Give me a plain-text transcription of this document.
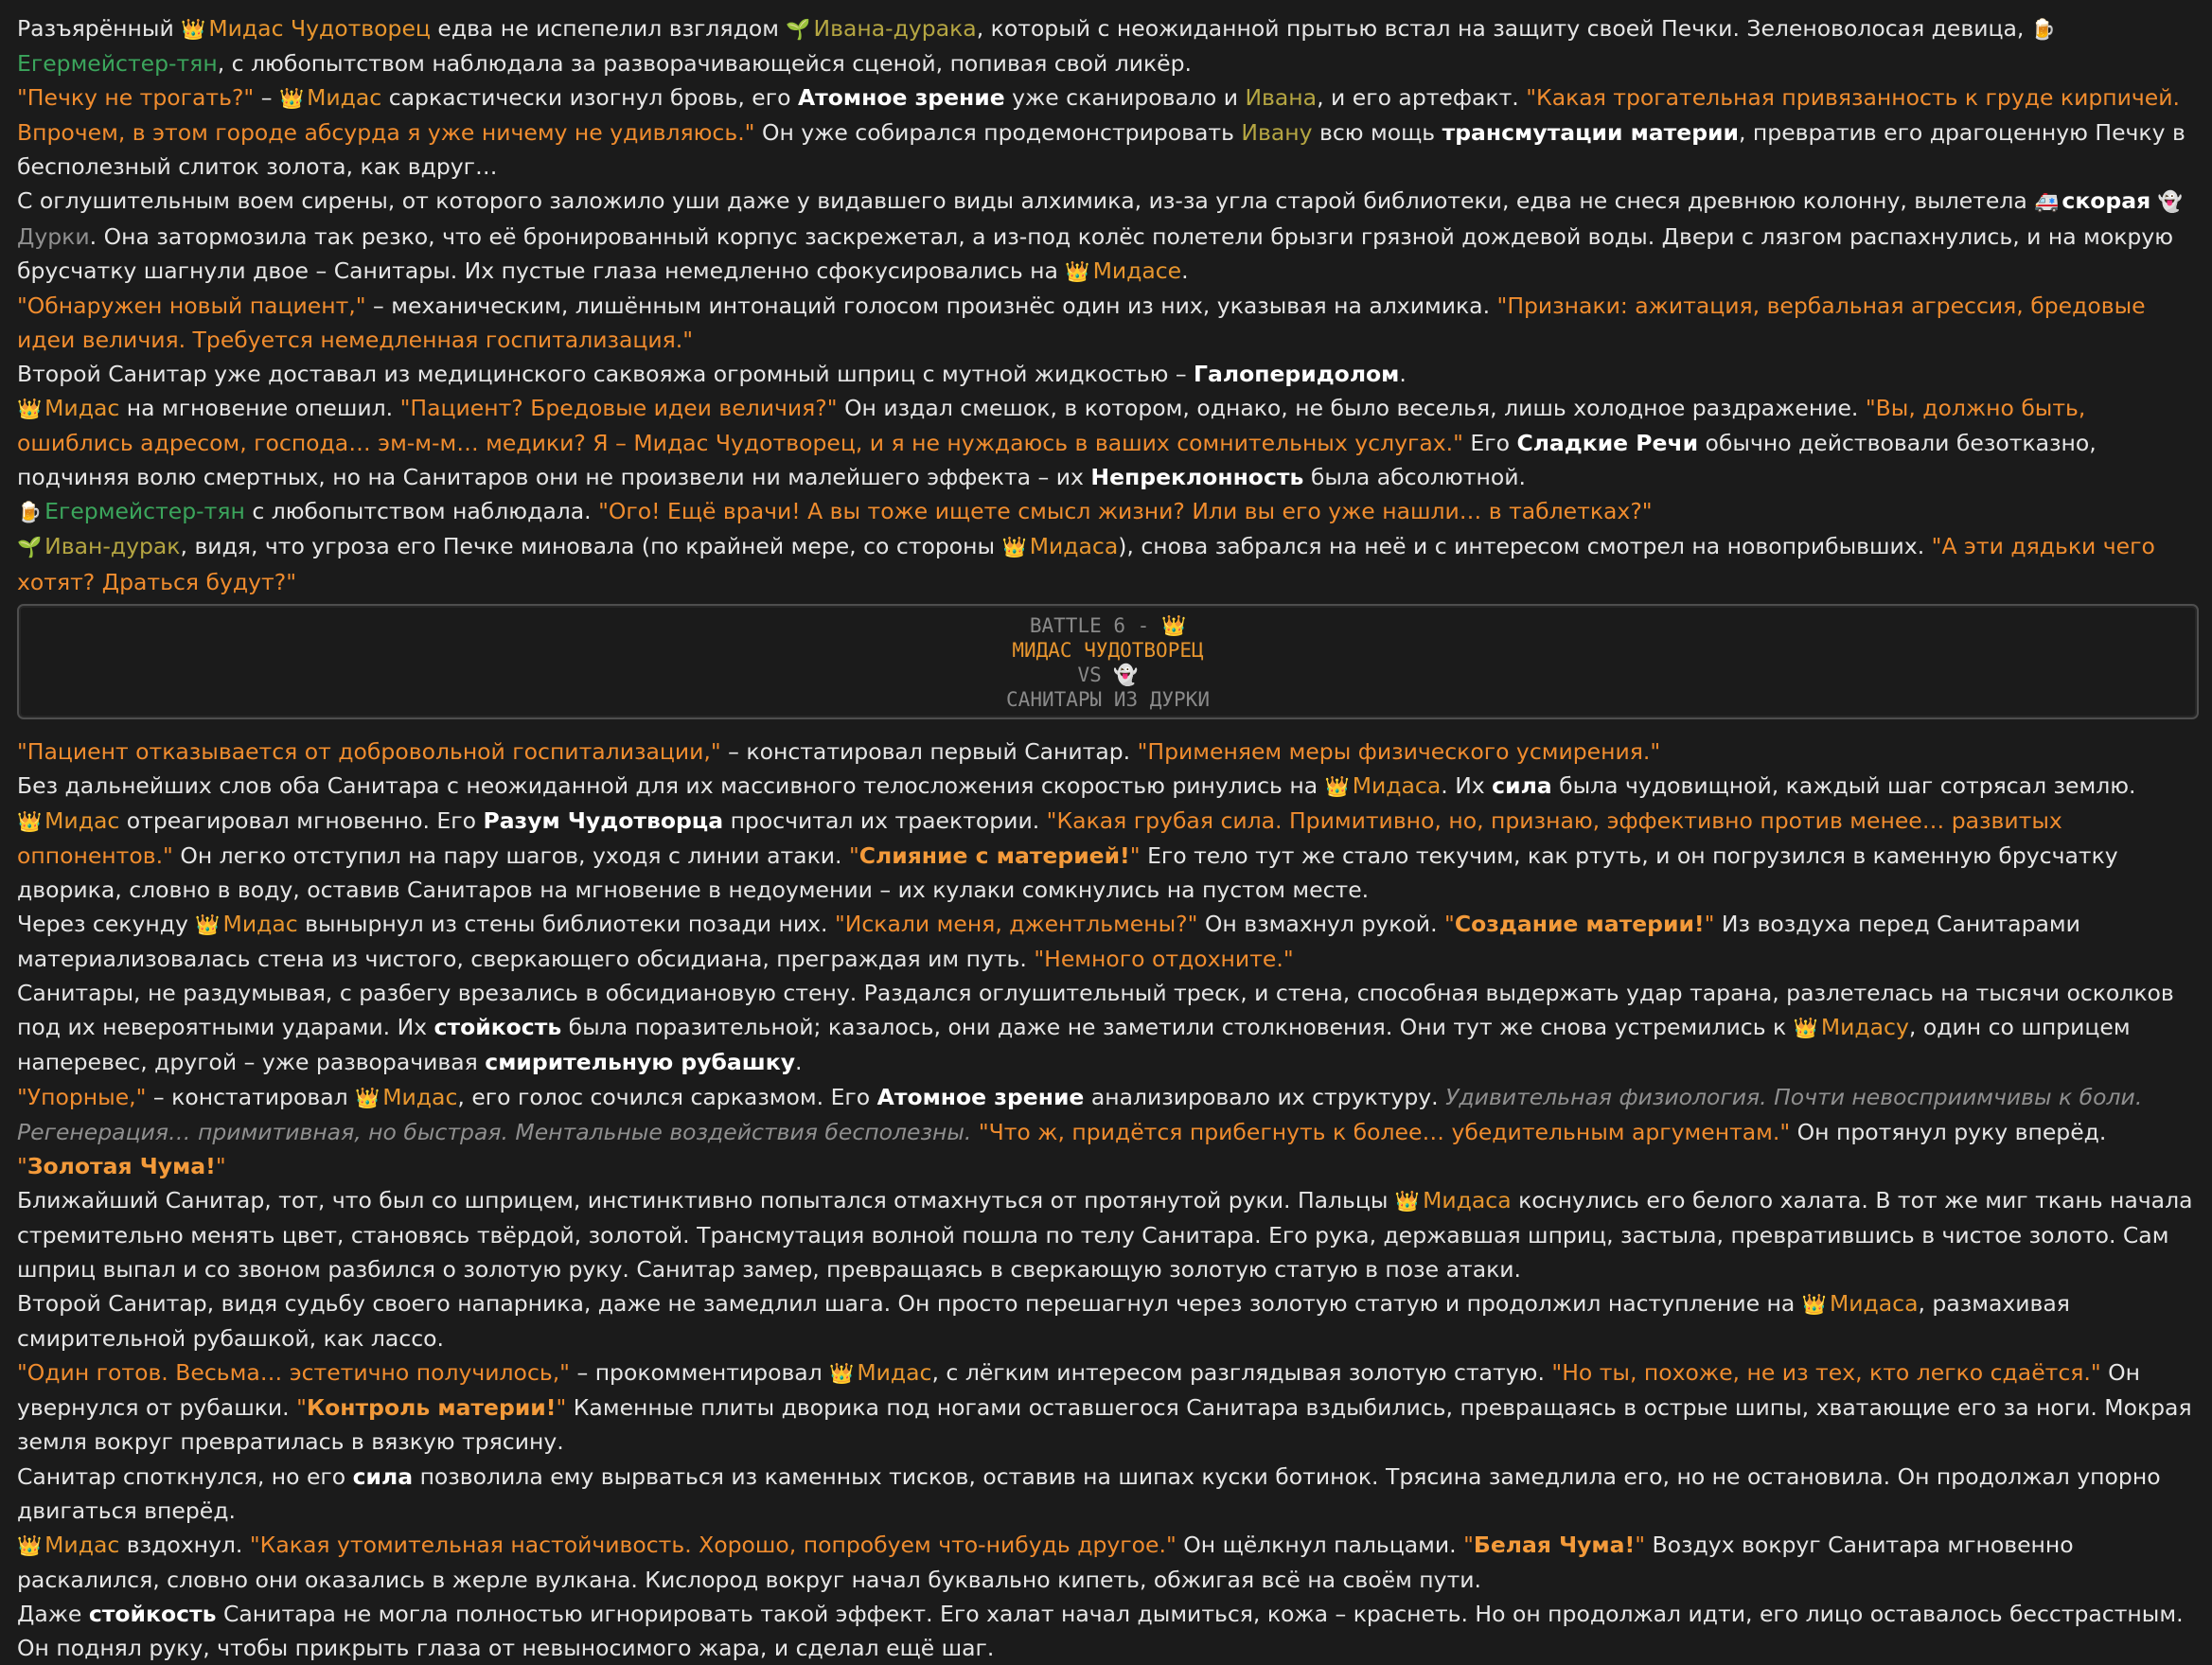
Разъярённый 👑 Мидас Чудотворец едва не испепелил взглядом 🌱 Ивана-дурака, который с неожиданной прытью встал на защиту своей Печки. Зеленоволосая девица, 🍺Егермейстер-тян, с любопытством наблюдала за разворачивающейся сценой, попивая свой ликёр.

"Печку не трогать?" – 👑 Мидас саркастически изогнул бровь, его Атомное зрение уже сканировало и Ивана, и его артефакт. "Какая трогательная привязанность к груде кирпичей. Впрочем, в этом городе абсурда я уже ничему не удивляюсь." Он уже собирался продемонстрировать Ивану всю мощь трансмутации материи, превратив его драгоценную Печку в бесполезный слиток золота, как вдруг…

С оглушительным воем сирены, от которого заложило уши даже у видавшего виды алхимика, из-за угла старой библиотеки, едва не снеся древнюю колонну, вылетела 🚑 скорая 👻Дурки. Она затормозила так резко, что её бронированный корпус заскрежетал, а из-под колёс полетели брызги грязной дождевой воды. Двери с лязгом распахнулись, и на мокрую брусчатку шагнули двое – Санитары. Их пустые глаза немедленно сфокусировались на 👑 Мидасе.

"Обнаружен новый пациент," – механическим, лишённым интонаций голосом произнёс один из них, указывая на алхимика. "Признаки: ажитация, вербальная агрессия, бредовые идеи величия. Требуется немедленная госпитализация."

Второй Санитар уже доставал из медицинского саквояжа огромный шприц с мутной жидкостью – Галоперидолом.

👑 Мидас на мгновение опешил. "Пациент? Бредовые идеи величия?" Он издал смешок, в котором, однако, не было веселья, лишь холодное раздражение. "Вы, должно быть, ошиблись адресом, господа… эм-м-м… медики? Я – Мидас Чудотворец, и я не нуждаюсь в ваших сомнительных услугах." Его Сладкие Речи обычно действовали безотказно, подчиняя волю смертных, но на Санитаров они не произвели ни малейшего эффекта – их Непреклонность была абсолютной.

🍺 Егермейстер-тян с любопытством наблюдала. "Ого! Ещё врачи! А вы тоже ищете смысл жизни? Или вы его уже нашли… в таблетках?"

🌱 Иван-дурак, видя, что угроза его Печке миновала (по крайней мере, со стороны 👑 Мидаса), снова забрался на неё и с интересом смотрел на новоприбывших. "А эти дядьки чего хотят? Драться будут?"

BATTLE 6 - 👑
МИДАС ЧУДОТВОРЕЦ
VS 👻
САНИТАРЫ ИЗ ДУРКИ

"Пациент отказывается от добровольной госпитализации," – констатировал первый Санитар. "Применяем меры физического усмирения."

Без дальнейших слов оба Санитара с неожиданной для их массивного телосложения скоростью ринулись на 👑 Мидаса. Их сила была чудовищной, каждый шаг сотрясал землю.

👑 Мидас отреагировал мгновенно. Его Разум Чудотворца просчитал их траектории. "Какая грубая сила. Примитивно, но, признаю, эффективно против менее… развитых оппонентов." Он легко отступил на пару шагов, уходя с линии атаки. "Слияние с материей!" Его тело тут же стало текучим, как ртуть, и он погрузился в каменную брусчатку дворика, словно в воду, оставив Санитаров на мгновение в недоумении – их кулаки сомкнулись на пустом месте.

Через секунду 👑 Мидас вынырнул из стены библиотеки позади них. "Искали меня, джентльмены?" Он взмахнул рукой. "Создание материи!" Из воздуха перед Санитарами материализовалась стена из чистого, сверкающего обсидиана, преграждая им путь. "Немного отдохните."

Санитары, не раздумывая, с разбегу врезались в обсидиановую стену. Раздался оглушительный треск, и стена, способная выдержать удар тарана, разлетелась на тысячи осколков под их невероятными ударами. Их стойкость была поразительной; казалось, они даже не заметили столкновения. Они тут же снова устремились к 👑 Мидасу, один со шприцем наперевес, другой – уже разворачивая смирительную рубашку.

"Упорные," – констатировал 👑 Мидас, его голос сочился сарказмом. Его Атомное зрение анализировало их структуру. Удивительная физиология. Почти невосприимчивы к боли. Регенерация… примитивная, но быстрая. Ментальные воздействия бесполезны. "Что ж, придётся прибегнуть к более… убедительным аргументам." Он протянул руку вперёд. "Золотая Чума!"

Ближайший Санитар, тот, что был со шприцем, инстинктивно попытался отмахнуться от протянутой руки. Пальцы 👑 Мидаса коснулись его белого халата. В тот же миг ткань начала стремительно менять цвет, становясь твёрдой, золотой. Трансмутация волной пошла по телу Санитара. Его рука, державшая шприц, застыла, превратившись в чистое золото. Сам шприц выпал и со звоном разбился о золотую руку. Санитар замер, превращаясь в сверкающую золотую статую в позе атаки.

Второй Санитар, видя судьбу своего напарника, даже не замедлил шага. Он просто перешагнул через золотую статую и продолжил наступление на 👑 Мидаса, размахивая смирительной рубашкой, как лассо.

"Один готов. Весьма… эстетично получилось," – прокомментировал 👑 Мидас, с лёгким интересом разглядывая золотую статую. "Но ты, похоже, не из тех, кто легко сдаётся." Он увернулся от рубашки. "Контроль материи!" Каменные плиты дворика под ногами оставшегося Санитара вздыбились, превращаясь в острые шипы, хватающие его за ноги. Мокрая земля вокруг превратилась в вязкую трясину.

Санитар споткнулся, но его сила позволила ему вырваться из каменных тисков, оставив на шипах куски ботинок. Трясина замедлила его, но не остановила. Он продолжал упорно двигаться вперёд.

👑 Мидас вздохнул. "Какая утомительная настойчивость. Хорошо, попробуем что-нибудь другое." Он щёлкнул пальцами. "Белая Чума!" Воздух вокруг Санитара мгновенно раскалился, словно они оказались в жерле вулкана. Кислород вокруг начал буквально кипеть, обжигая всё на своём пути.

Даже стойкость Санитара не могла полностью игнорировать такой эффект. Его халат начал дымиться, кожа – краснеть. Но он продолжал идти, его лицо оставалось бесстрастным. Он поднял руку, чтобы прикрыть глаза от невыносимого жара, и сделал ещё шаг.
